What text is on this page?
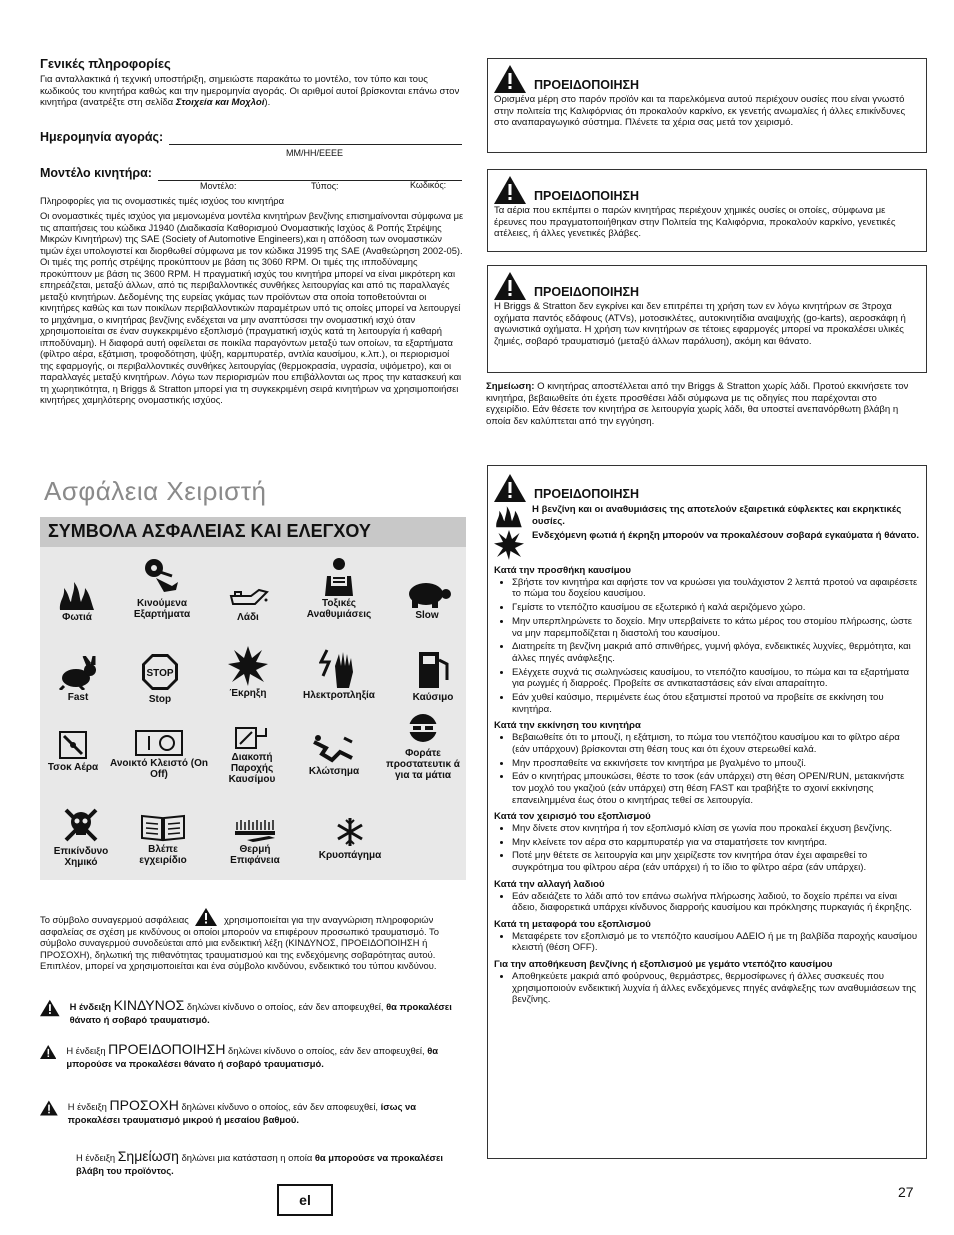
Γενικές πληροφορίες

Για ανταλλακτικά ή τεχνική υποστήριξη, σημειώστε παρακάτω το μοντέλο, τον τύπο και τους κωδικούς του κινητήρα καθώς και την ημερομηνία αγοράς. Οι αριθμοί αυτοί βρίσκονται επάνω στον κινητήρα (ανατρέξτε στη σελίδα Στοιχεία και Μοχλοί).

Ημερομηνία αγοράς:
MM/HH/EEEE
Μοντέλο κινητήρα:
Μοντέλο:	Τύπος:	Κωδικός:

Πληροφορίες για τις ονομαστικές τιμές ισχύος του κινητήρα

Οι ονομαστικές τιμές ισχύος για μεμονωμένα μοντέλα κινητήρων βενζίνης επισημαίνονται σύμφωνα με τις απαιτήσεις του κώδικα J1940 (Διαδικασία Καθορισμού Ονομαστικής Ισχύος & Ροπής Στρέψης Μικρών Κινητήρων) της SAE (Society of Automotive Engineers),και η απόδοση των ονομαστικών τιμών έχει υπολογιστεί και διορθωθεί σύμφωνα με τον κώδικα J1995 της SAE (Αναθεώρηση 2002-05). Οι τιμές της ροπής στρέψης προκύπτουν με βάση τις 3060 RPM. Οι τιμές της ιπποδύναμης προκύπτουν με βάση τις 3600 RPM. Η πραγματική ισχύς του κινητήρα μπορεί να είναι μικρότερη και επηρεάζεται, μεταξύ άλλων, από τις περιβαλλοντικές συνθήκες λειτουργίας και από τις παραλλαγές μεταξύ κινητήρων. Δεδομένης της ευρείας γκάμας των προϊόντων στα οποία τοποθετούνται οι κινητήρες καθώς και των ποικίλων περιβαλλοντικών παραμέτρων υπό τις οποίες μπορεί να λειτουργεί το μηχάνημα, ο κινητήρας βενζίνης ενδέχεται να μην αναπτύσσει την ονομαστική ισχύ όταν χρησιμοποιείται σε έναν συγκεκριμένο εξοπλισμό (πραγματική ισχύς κατά τη λειτουργία ή καθαρή ιπποδύναμη). Η διαφορά αυτή οφείλεται σε ποικίλα παραγόντων μεταξύ των οποίων, τα εξαρτήματα (φίλτρο αέρα, εξάτμιση, τροφοδότηση, ψύξη, καρμπυρατέρ, αντλία καυσίμου, κ.λπ.), οι περιορισμοί της εφαρμογής, οι περιβαλλοντικές συνθήκες λειτουργίας (θερμοκρασία, υγρασία, υψόμετρο), και οι παραλλαγές μεταξύ κινητήρων. Λόγω των περιορισμών που επιβάλλονται ως προς την κατασκευή και τη χωρητικότητα, η Briggs & Stratton μπορεί για τη συγκεκριμένη σειρά κινητήρων να χρησιμοποιήσει κινητήρες χαμηλότερης ονομαστικής ισχύος.

Ασφάλεια Χειριστή
ΣΥΜΒΟΛΑ ΑΣΦΑΛΕΙΑΣ ΚΑΙ ΕΛΕΓΧΟΥ
Φωτιά
Κινούμενα Εξαρτήματα	Λάδι
Τοξικές Αναθυμιάσεις	Slow
Fast
STOP
Stop
Έκρηξη	Ηλεκτροπληξία	Καύσιμο
Τσοκ Αέρα	Ανοικτό Κλειστό (On Off)
Διακοπή Παροχής Καυσίμου
Κλώτσημα
Φοράτε προστατευτικ ά για τα μάτια
Επικίνδυνο Χημικό
Βλέπε εγχειρίδιο
Θερμή Επιφάνεια	Κρυοπάγημα
Το σύμβολο συναγερμού ασφάλειας	χρησιμοποιείται για την αναγνώριση πληροφοριών ασφαλείας σε σχέση με κινδύνους οι οποίοι μπορούν να επιφέρουν προσωπικό τραυματισμό. Το σύμβολο συναγερμού συνοδεύεται από μια ενδεικτική λέξη (ΚΙΝΔΥΝΟΣ, ΠΡΟΕΙΔΟΠΟΙΗΣΗ ή ΠΡΟΣΟΧΗ), δηλωτική της πιθανότητας τραυματισμού και της ενδεχόμενης σοβαρότητας αυτού. Επιπλέον, μπορεί να χρησιμοποιείται και ένα σύμβολο κινδύνου, ενδεικτικό του τύπου κινδύνου.
Η ένδειξη ΚΙΝΔΥΝΟΣ δηλώνει κίνδυνο ο οποίος, εάν δεν αποφευχθεί, θα προκαλέσει θάνατο ή σοβαρό τραυματισμό.
Η ένδειξη ΠΡΟΕΙΔΟΠΟΙΗΣΗ δηλώνει κίνδυνο ο οποίος, εάν δεν αποφευχθεί, θα μπορούσε να προκαλέσει θάνατο ή σοβαρό τραυματισμό.
Η ένδειξη ΠΡΟΣΟΧΗ δηλώνει κίνδυνο ο οποίος, εάν δεν αποφευχθεί, ίσως να προκαλέσει τραυματισμό μικρού ή μεσαίου βαθμού.
Η ένδειξη Σημείωση δηλώνει μια κατάσταση η οποία θα μπορούσε να προκαλέσει βλάβη του προϊόντος.
ΠΡΟΕΙΔΟΠΟΙΗΣΗ
Ορισμένα μέρη στο παρόν προϊόν και τα παρελκόμενα αυτού περιέχουν ουσίες που είναι γνωστό στην πολιτεία της Καλιφόρνιας ότι προκαλούν καρκίνο, εκ γενετής ανωμαλίες ή άλλες επικίνδυνες στο αναπαραγωγικό σύστημα. Πλένετε τα χέρια σας μετά τον χειρισμό.
ΠΡΟΕΙΔΟΠΟΙΗΣΗ
Τα αέρια που εκπέμπει ο παρών κινητήρας περιέχουν χημικές ουσίες οι οποίες, σύμφωνα με έρευνες που πραγματοποιήθηκαν στην Πολιτεία της Καλιφόρνια, προκαλούν καρκίνο, γενετικές ατέλειες, ή άλλες γενετικές βλάβες.
ΠΡΟΕΙΔΟΠΟΙΗΣΗ
Η Briggs & Stratton δεν εγκρίνει και δεν επιτρέπει τη χρήση των εν λόγω κινητήρων σε 3τροχα οχήματα παντός εδάφους (ATVs), μοτοσικλέτες, αυτοκινητίδια αναψυχής (go-karts), αεροσκάφη ή αγωνιστικά οχήματα. Η χρήση των κινητήρων σε τέτοιες εφαρμογές μπορεί να προκαλέσει υλικές ζημιές, σοβαρό τραυματισμό (μεταξύ άλλων παράλυση), ακόμη και θάνατο.
Σημείωση: Ο κινητήρας αποστέλλεται από την Briggs & Stratton χωρίς λάδι. Προτού εκκινήσετε τον κινητήρα, βεβαιωθείτε ότι έχετε προσθέσει λάδι σύμφωνα με τις οδηγίες που παρέχονται στο εγχειρίδιο. Εάν θέσετε τον κινητήρα σε λειτουργία χωρίς λάδι, θα υποστεί ανεπανόρθωτη βλάβη η οποία δεν καλύπτεται από την εγγύηση.
ΠΡΟΕΙΔΟΠΟΙΗΣΗ
Η βενζίνη και οι αναθυμιάσεις της αποτελούν εξαιρετικά εύφλεκτες και εκρηκτικές ουσίες.
Ενδεχόμενη φωτιά ή έκρηξη μπορούν να προκαλέσουν σοβαρά εγκαύματα ή θάνατο.
Κατά την προσθήκη καυσίμου
• Σβήστε τον κινητήρα και αφήστε τον να κρυώσει για τουλάχιστον 2 λεπτά προτού να αφαιρέσετε το πώμα του δοχείου καυσίμου.
• Γεμίστε το ντεπόζιτο καυσίμου σε εξωτερικό ή καλά αεριζόμενο χώρο.
• Μην υπερπληρώνετε το δοχείο. Μην υπερβαίνετε το κάτω μέρος του στομίου πλήρωσης, ώστε να μην παρεμποδίζεται η διαστολή του καυσίμου.
• Διατηρείτε τη βενζίνη μακριά από σπινθήρες, γυμνή φλόγα, ενδεικτικές λυχνίες, θερμότητα, και άλλες πηγές ανάφλεξης.
• Ελέγχετε συχνά τις σωληνώσεις καυσίμου, το ντεπόζιτο καυσίμου, το πώμα και τα εξαρτήματα για ρωγμές ή διαρροές. Προβείτε σε αντικαταστάσεις εάν είναι απαραίτητο.
• Εάν χυθεί καύσιμο, περιμένετε έως ότου εξατμιστεί προτού να προβείτε σε εκκίνηση του κινητήρα.
Κατά την εκκίνηση του κινητήρα
• Βεβαιωθείτε ότι το μπουζί, η εξάτμιση, το πώμα του ντεπόζιτου καυσίμου και το φίλτρο αέρα (εάν υπάρχουν) βρίσκονται στη θέση τους και ότι έχουν στερεωθεί καλά.
• Μην προσπαθείτε να εκκινήσετε τον κινητήρα με βγαλμένο το μπουζί.
• Εάν ο κινητήρας μπουκώσει, θέστε το τσοκ (εάν υπάρχει) στη θέση OPEN/RUN, μετακινήστε τον μοχλό του γκαζιού (εάν υπάρχει) στη θέση FAST και τραβήξτε το σχοινί εκκίνησης επανειλημμένα έως ότου ο κινητήρας τεθεί σε λειτουργία.
Κατά τον χειρισμό του εξοπλισμού
• Μην δίνετε στον κινητήρα ή τον εξοπλισμό κλίση σε γωνία που προκαλεί έκχυση βενζίνης.
• Μην κλείνετε τον αέρα στο καρμπυρατέρ για να σταματήσετε τον κινητήρα.
• Ποτέ μην θέτετε σε λειτουργία και μην χειρίζεστε τον κινητήρα όταν έχει αφαιρεθεί το συγκρότημα του φίλτρου αέρα (εάν υπάρχει) ή το ίδιο το φίλτρο αέρα (εάν υπάρχει).
Κατά την αλλαγή λαδιού
• Εάν αδειάζετε το λάδι από τον επάνω σωλήνα πλήρωσης λαδιού, το δοχείο πρέπει να είναι άδειο, διαφορετικά υπάρχει κίνδυνος διαρροής καυσίμου και πρόκλησης πυρκαγιάς ή έκρηξης.
Κατά τη μεταφορά του εξοπλισμού
• Μεταφέρετε τον εξοπλισμό με το ντεπόζιτο καυσίμου ΑΔΕΙΟ ή με τη βαλβίδα παροχής καυσίμου κλειστή (θέση OFF).
Για την αποθήκευση βενζίνης ή εξοπλισμού με γεμάτο ντεπόζιτο καυσίμου
• Αποθηκεύετε μακριά από φούρνους, θερμάστρες, θερμοσίφωνες ή άλλες συσκευές που χρησιμοποιούν ενδεικτική λυχνία ή άλλες ενδεχόμενες πηγές ανάφλεξης των αναθυμιάσεων της βενζίνης.
el	27
